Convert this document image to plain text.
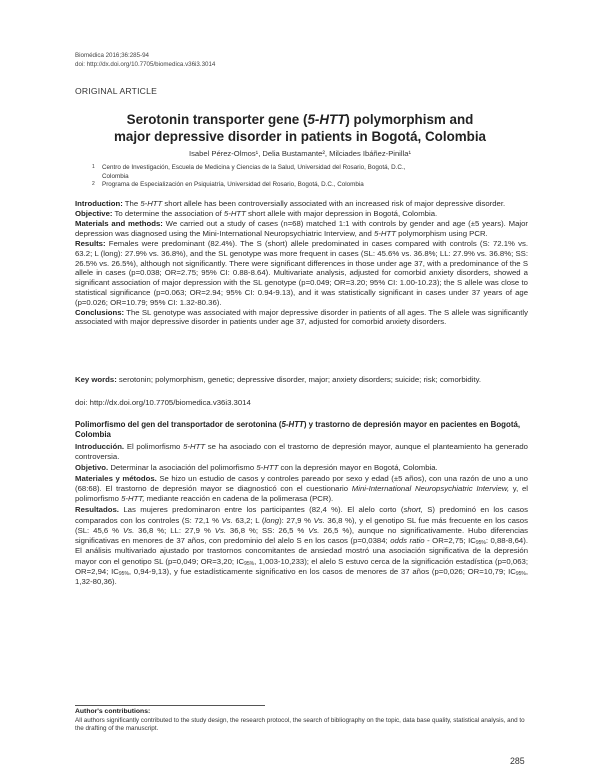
Biomédica 2016;36:285-94
doi: http://dx.doi.org/10.7705/biomedica.v36i3.3014
ORIGINAL ARTICLE
Serotonin transporter gene (5-HTT) polymorphism and
major depressive disorder in patients in Bogotá, Colombia
Isabel Pérez-Olmos¹, Delia Bustamante², Milciades Ibáñez-Pinilla¹
1 Centro de Investigación, Escuela de Medicina y Ciencias de la Salud, Universidad del Rosario, Bogotá, D.C.,
Colombia
2 Programa de Especialización en Psiquiatría, Universidad del Rosario, Bogotá, D.C., Colombia

Introduction: The 5-HTT short allele has been controversially associated with an increased risk of major depressive disorder.

Objective: To determine the association of 5-HTT short allele with major depression in Bogotá, Colombia.

Materials and methods: We carried out a study of cases (n=68) matched 1:1 with controls by gender and age (±5 years). Major depression was diagnosed using the Mini-International Neuropsychiatric Interview, and 5-HTT polymorphism using PCR.

Results: Females were predominant (82.4%). The S (short) allele predominated in cases compared with controls (S: 72.1% vs. 63.2; L (long): 27.9% vs. 36.8%), and the SL genotype was more frequent in cases (SL: 45.6% vs. 36.8%; LL: 27.9% vs. 36.8%; SS: 26.5% vs. 26.5%), although not significantly. There were significant differences in those under age 37, with a predominance of the S allele in cases (p=0.038; OR=2.75; 95% CI: 0.88-8.64). Multivariate analysis, adjusted for comorbid anxiety disorders, showed a significant association of major depression with the SL genotype (p=0.049; OR=3.20; 95% CI: 1.00-10.23); the S allele was close to statistical significance (p=0.063; OR=2.94; 95% CI: 0.94-9.13), and it was statistically significant in cases under 37 years of age (p=0.026; OR=10.79; 95% CI: 1.32-80.36).

Conclusions: The SL genotype was associated with major depressive disorder in patients of all ages. The S allele was significantly associated with major depressive disorder in patients under age 37, adjusted for comorbid anxiety disorders.

Key words: serotonin; polymorphism, genetic; depressive disorder, major; anxiety disorders; suicide; risk; comorbidity.
doi: http://dx.doi.org/10.7705/biomedica.v36i3.3014
Polimorfismo del gen del transportador de serotonina (5-HTT) y trastorno de depresión mayor en pacientes en Bogotá, Colombia

Introducción. El polimorfismo 5-HTT se ha asociado con el trastorno de depresión mayor, aunque el planteamiento ha generado controversia.

Objetivo. Determinar la asociación del polimorfismo 5-HTT con la depresión mayor en Bogotá, Colombia.

Materiales y métodos. Se hizo un estudio de casos y controles pareado por sexo y edad (±5 años), con una razón de uno a uno (68:68). El trastorno de depresión mayor se diagnosticó con el cuestionario Mini-International Neuropsychiatric Interview, y, el polimorfismo 5-HTT, mediante reacción en cadena de la polimerasa (PCR).

Resultados. Las mujeres predominaron entre los participantes (82,4 %). El alelo corto (short, S) predominó en los casos comparados con los controles (S: 72,1 % Vs. 63,2; L (long): 27,9 % Vs. 36,8 %), y el genotipo SL fue más frecuente en los casos (SL: 45,6 % Vs. 36,8 %; LL: 27,9 % Vs. 36,8 %; SS: 26,5 % Vs. 26,5 %), aunque no significativamente. Hubo diferencias significativas en menores de 37 años, con predominio del alelo S en los casos (p=0,0384; odds ratio - OR=2,75; $IC_{95\%}$: 0,88-8,64). El análisis multivariado ajustado por trastornos concomitantes de ansiedad mostró una asociación significativa de la depresión mayor con el genotipo SL (p=0,049; OR=3,20; $IC_{95\%}$, 1,003-10,233); el alelo S estuvo cerca de la significación estadística (p=0,063; OR=2,94; $IC_{95\%}$, 0,94-9,13), y fue estadísticamente significativo en los casos de menores de 37 años (p=0,026; OR=10,79; $IC_{95\%}$, 1,32-80,36).

Author's contributions:
All authors significantly contributed to the study design, the research protocol, the search of bibliography on the topic, data base quality, statistical analysis, and to the drafting of the manuscript.
285
